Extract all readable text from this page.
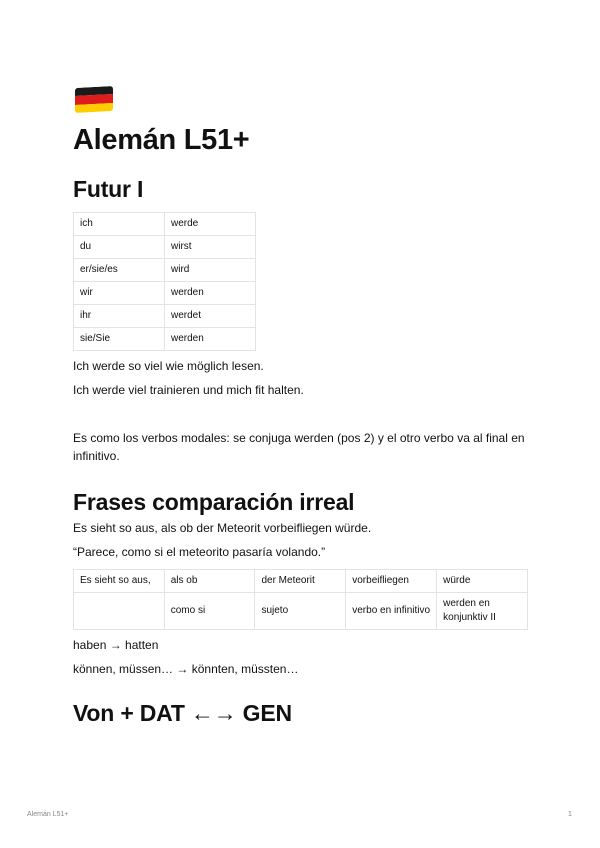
Alemán L51+
Futur I
ich	werde
du	wirst
er/sie/es	wird
wir	werden
ihr	werdet
sie/Sie	werden

Ich werde so viel wie möglich lesen.

Ich werde viel trainieren und mich fit halten.

Es como los verbos modales: se conjuga werden (pos 2) y el otro verbo va al final en infinitivo.

Frases comparación irreal

Es sieht so aus, als ob der Meteorit vorbeifliegen würde.

“Parece, como si el meteorito pasaría volando.”

Es sieht so aus,	als ob	der Meteorit	vorbeifliegen	würde
	como si	sujeto	verbo en infinitivo	werden en konjunktiv II

haben → hatten

können, müssen… → könnten, müssten…

Von + DAT ←→ GEN
Alemán L51+	1
